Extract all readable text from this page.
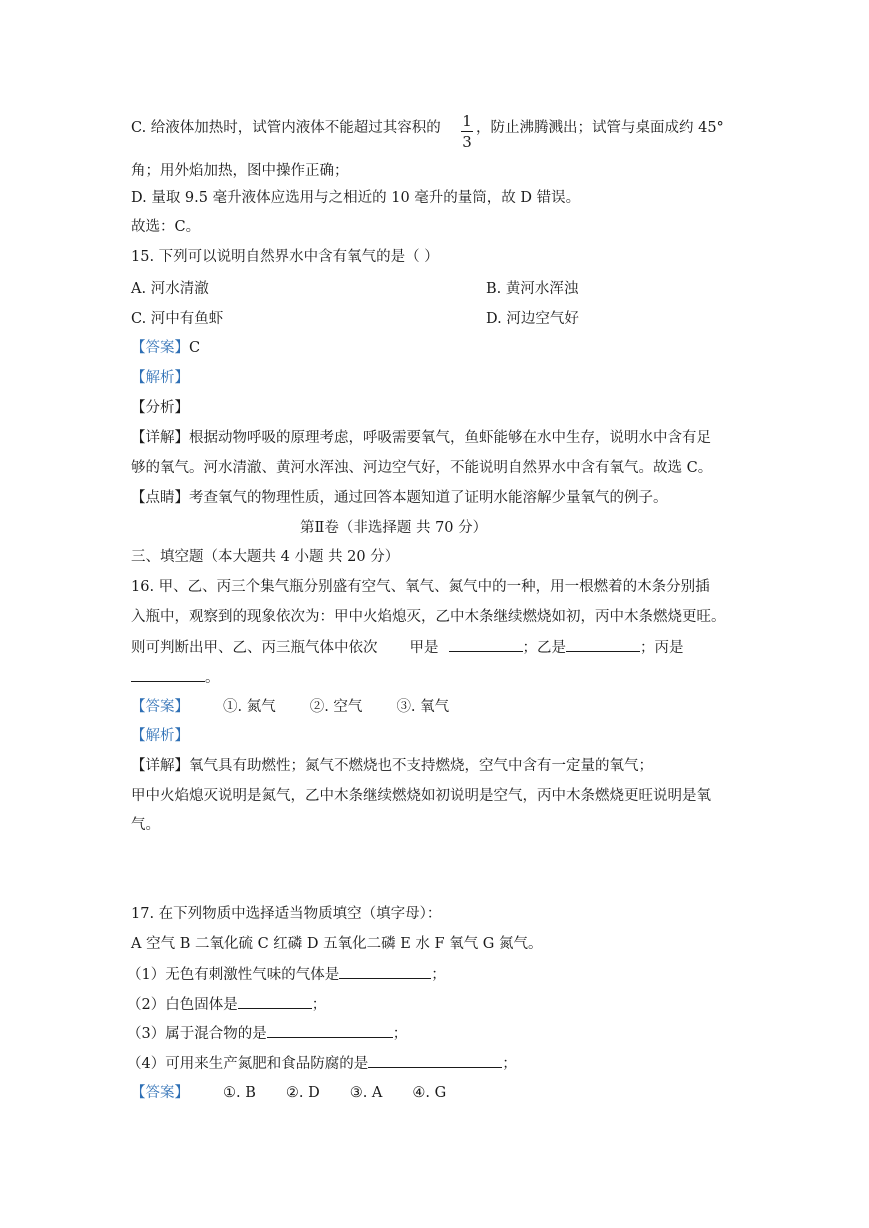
C. 给液体加热时，试管内液体不能超过其容积的 1
3
，防止沸腾溅出；试管与桌面成约 45°
角；用外焰加热，图中操作正确；
D. 量取 9.5 毫升液体应选用与之相近的 10 毫升的量筒，故 D 错误。
故选：C。
15. 下列可以说明自然界水中含有氧气的是（ ）
A. 河水清澈	B. 黄河水浑浊
C. 河中有鱼虾	D. 河边空气好
【答案】C
【解析】
【分析】
【详解】根据动物呼吸的原理考虑，呼吸需要氧气，鱼虾能够在水中生存，说明水中含有足
够的氧气。河水清澈、黄河水浑浊、河边空气好，不能说明自然界水中含有氧气。故选 C。
【点睛】考查氧气的物理性质，通过回答本题知道了证明水能溶解少量氧气的例子。
第Ⅱ卷（非选择题 共 70 分）
三、填空题（本大题共 4 小题 共 20 分）
16. 甲、乙、丙三个集气瓶分别盛有空气、氧气、氮气中的一种，用一根燃着的木条分别插
入瓶中，观察到的现象依次为：甲中火焰熄灭，乙中木条继续燃烧如初，丙中木条燃烧更旺。
则可判断出甲、乙、丙三瓶气体中依次 甲是	；乙是	；丙是
。
【答案】 ①. 氮气 ②. 空气 ③. 氧气
【解析】
【详解】氧气具有助燃性；氮气不燃烧也不支持燃烧，空气中含有一定量的氧气；
甲中火焰熄灭说明是氮气，乙中木条继续燃烧如初说明是空气，丙中木条燃烧更旺说明是氧
气。
17. 在下列物质中选择适当物质填空（填字母）：
A 空气 B 二氧化硫 C 红磷 D 五氧化二磷 E 水 F 氧气 G 氮气。
（1）无色有刺激性气味的气体是	；
（2）白色固体是	；
（3）属于混合物的是	；
（4）可用来生产氮肥和食品防腐的是	；
【答案】 ①. B ②. D ③. A ④. G
